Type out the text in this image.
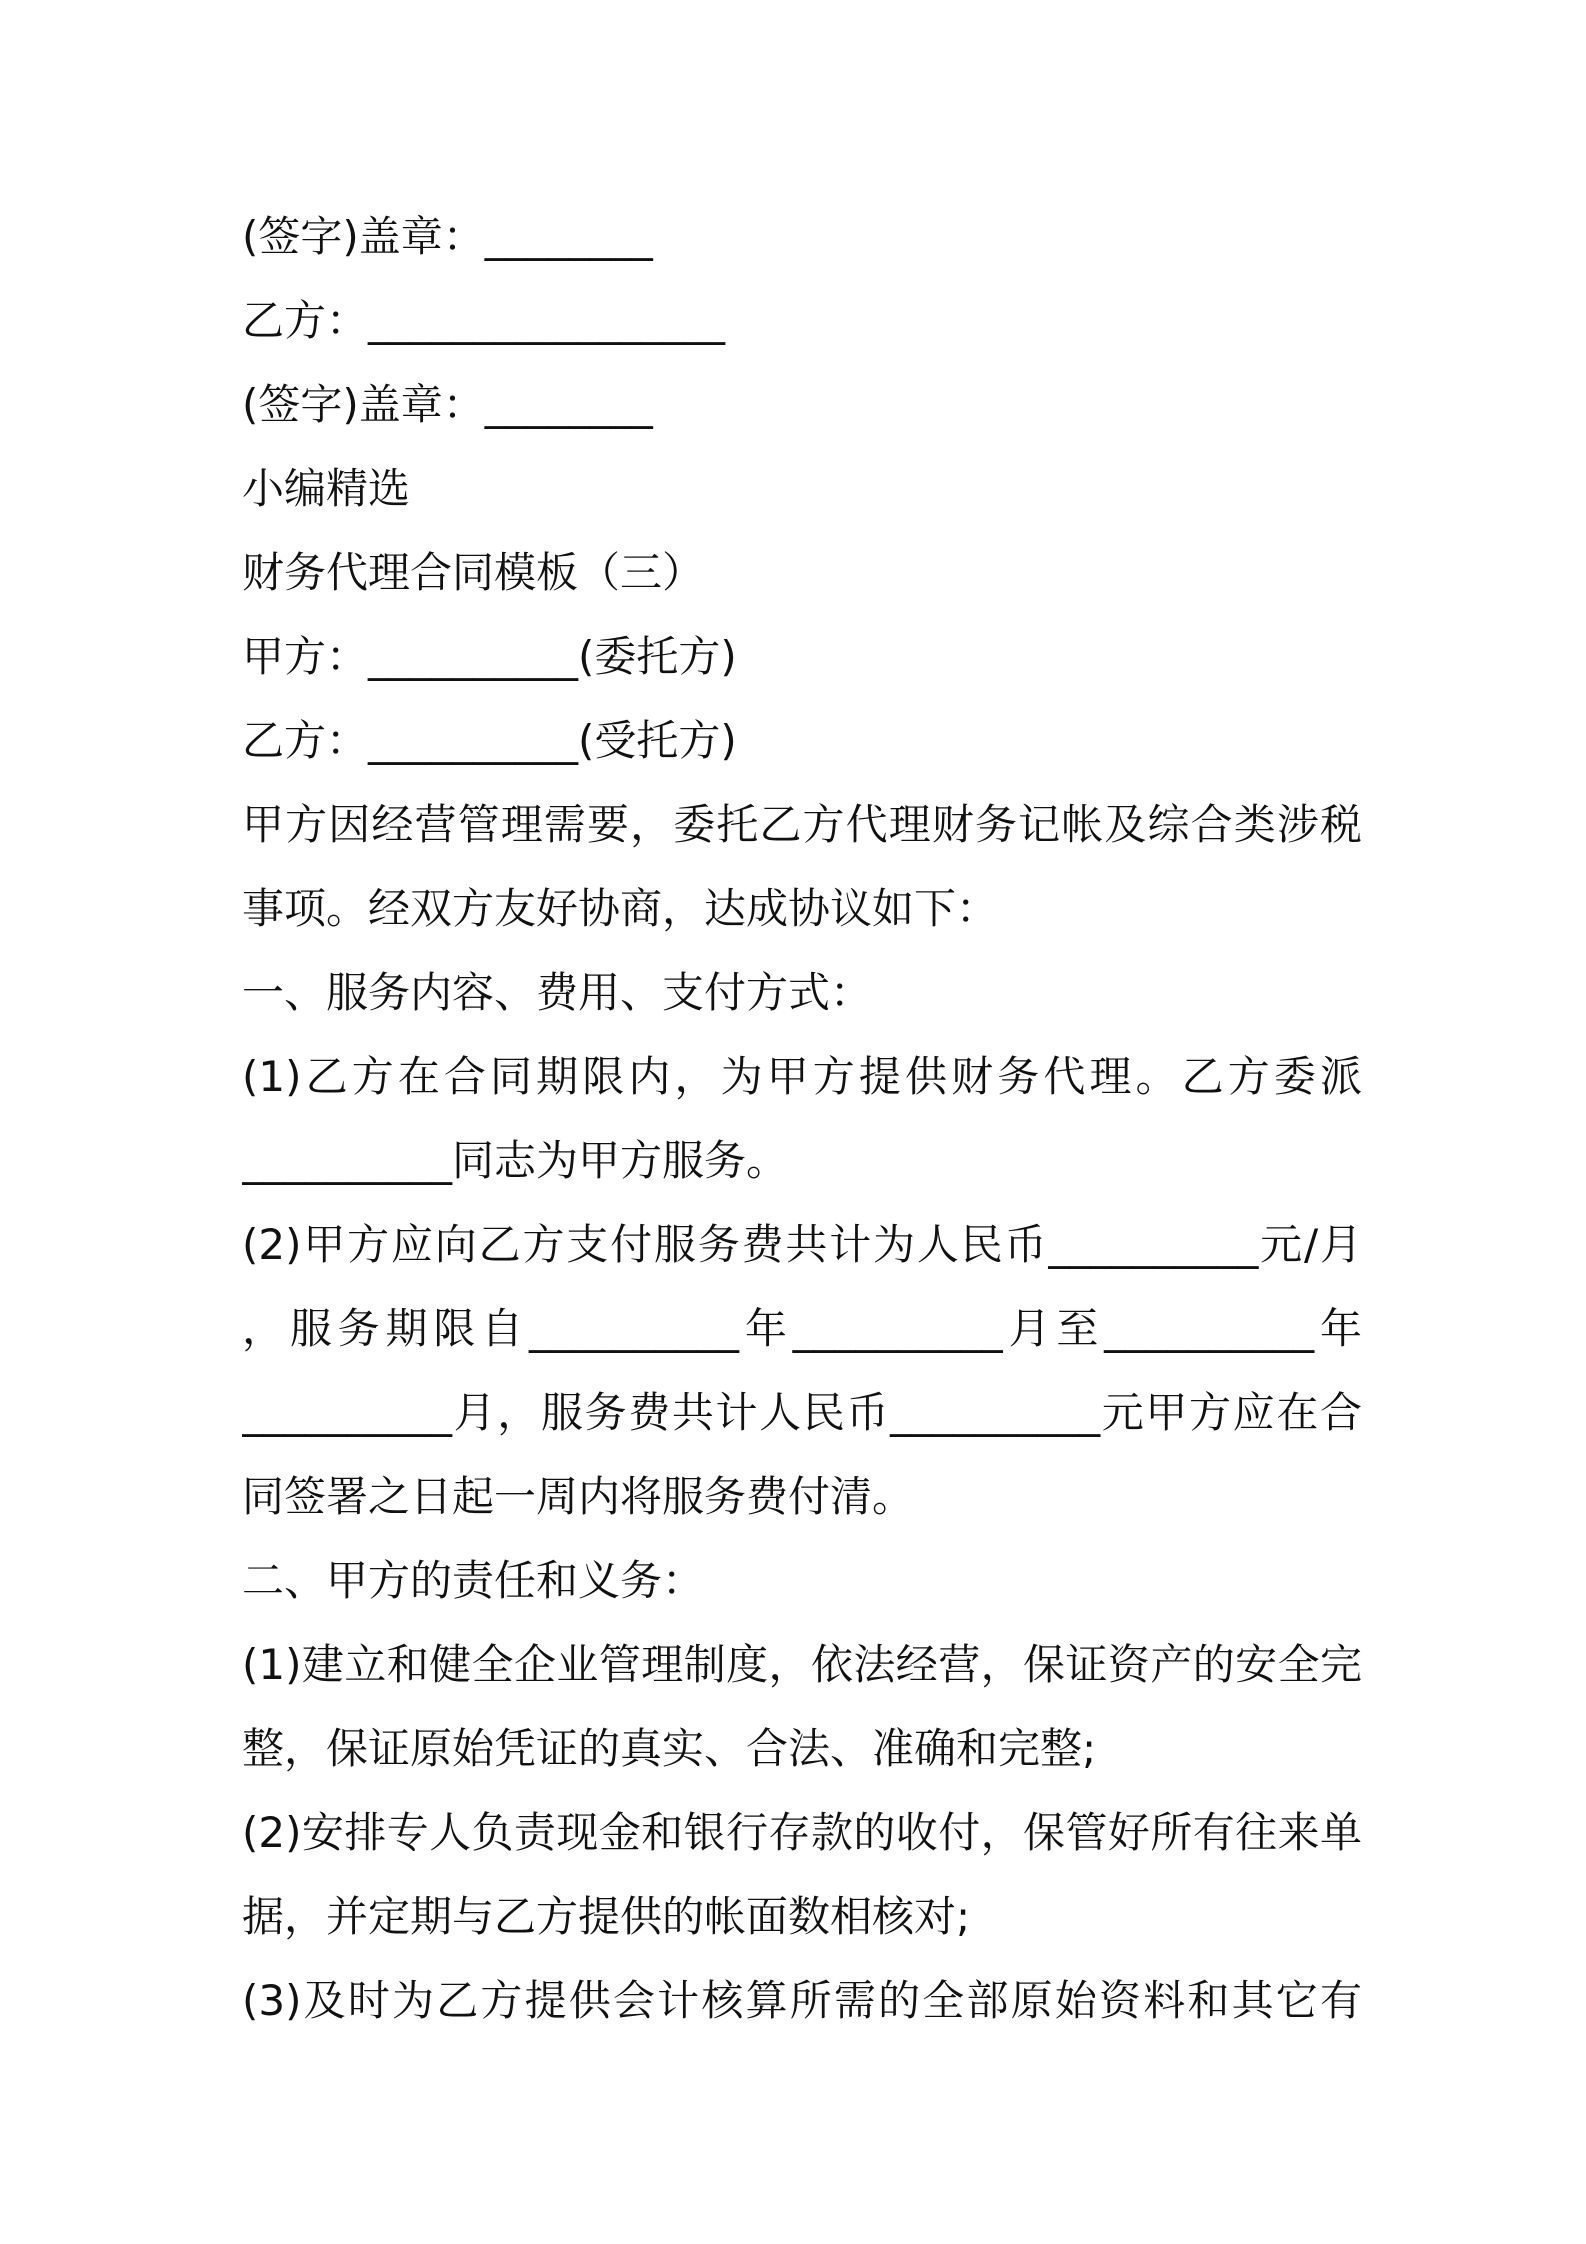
(签字)盖章：________
乙方：_________________
(签字)盖章：________
小编精选
财务代理合同模板（三）
甲方：__________(委托方)
乙方：__________(受托方)
甲方因经营管理需要，委托乙方代理财务记帐及综合类涉税
事项。经双方友好协商，达成协议如下：
一、服务内容、费用、支付方式：
(1)乙方在合同期限内，为甲方提供财务代理。乙方委派
__________同志为甲方服务。
(2)甲方应向乙方支付服务费共计为人民币__________元/月
，服务期限自__________年__________月至__________年
__________月，服务费共计人民币__________元甲方应在合
同签署之日起一周内将服务费付清。
二、甲方的责任和义务：
(1)建立和健全企业管理制度，依法经营，保证资产的安全完
整，保证原始凭证的真实、合法、准确和完整;
(2)安排专人负责现金和银行存款的收付，保管好所有往来单
据，并定期与乙方提供的帐面数相核对;
(3)及时为乙方提供会计核算所需的全部原始资料和其它有
